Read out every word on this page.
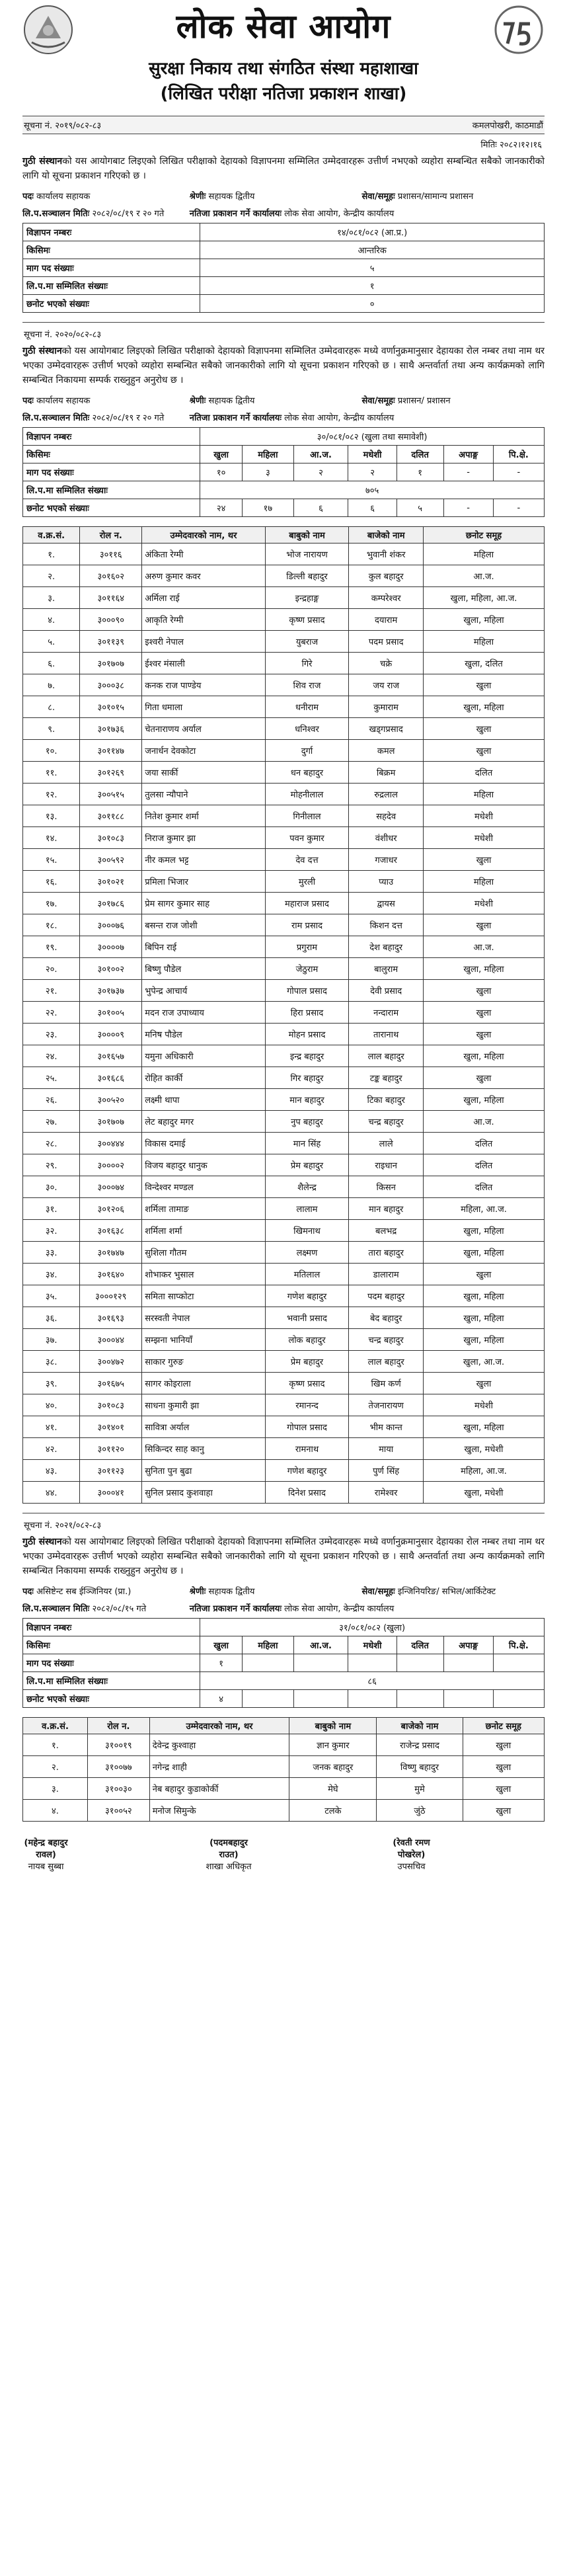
लोक सेवा आयोग
सुरक्षा निकाय तथा संगठित संस्था महाशाखा
(लिखित परीक्षा नतिजा प्रकाशन शाखा)
सूचना नं. २०१९/०८२-८३	कमलपोखरी, काठमाडौं
मितिः २०८२।१२।१६
गुठी संस्थानको यस आयोगबाट लिइएको लिखित परीक्षाको देहायको विज्ञापनमा सम्मिलित उम्मेदवारहरू उत्तीर्ण नभएको व्यहोरा सम्बन्धित सबैको जानकारीको लागि यो सूचना प्रकाशन गरिएको छ ।
पदः कार्यालय सहायक	श्रेणीः सहायक द्वितीय	सेवा/समूहः प्रशासन/सामान्य प्रशासन
लि.प.सञ्चालन मितिः २०८२/०८/१९ र २० गते	नतिजा प्रकाशन गर्ने कार्यालयः लोक सेवा आयोग, केन्द्रीय कार्यालय
विज्ञापन नम्बरः	१४/०८१/०८२ (आ.प्र.)
किसिमः	आन्तरिक
माग पद संख्याः	५
लि.प.मा सम्मिलित संख्याः	१
छनोट भएको संख्याः	०
सूचना नं. २०२०/०८२-८३
गुठी संस्थानको यस आयोगबाट लिइएको लिखित परीक्षाको देहायको विज्ञापनमा सम्मिलित उम्मेदवारहरू मध्ये वर्णानुक्रमानुसार देहायका रोल नम्बर तथा नाम थर भएका उम्मेदवारहरू उत्तीर्ण भएको व्यहोरा सम्बन्धित सबैको जानकारीको लागि यो सूचना प्रकाशन गरिएको छ । साथै अन्तर्वार्ता तथा अन्य कार्यक्रमको लागि सम्बन्धित निकायमा सम्पर्क राख्नुहुन अनुरोध छ ।
पदः कार्यालय सहायक	श्रेणीः सहायक द्वितीय	सेवा/समूहः प्रशासन/ प्रशासन
लि.प.सञ्चालन मितिः २०८२/०८/१९ र २० गते	नतिजा प्रकाशन गर्ने कार्यालयः लोक सेवा आयोग, केन्द्रीय कार्यालय
विज्ञापन नम्बरः	३०/०८१/०८२ (खुला तथा समावेशी)						
किसिमः	खुला	महिला	आ.ज.	मधेशी	दलित	अपाङ्ग	पि.क्षे.
माग पद संख्याः	१०	३	२	२	१	-	-
लि.प.मा सम्मिलित संख्याः	७०५						
छनोट भएको संख्याः	२४	१७	६	६	५	-	-
व.क्र.सं.	रोल न.	उम्मेदवारको नाम, थर	बाबुको नाम	बाजेको नाम	छनोट समूह
१.	३०११६	अंकिता रेग्मी	भोज नारायण	भुवानी शंकर	महिला
२.	३०१६०२	अरुण कुमार कवर	डिल्ली बहादुर	कुल बहादुर	आ.ज.
३.	३०११६४	अर्मिला राई	इन्द्रहाङ्ग	कम्परेश्वर	खुला, महिला, आ.ज.
४.	३०००९०	आकृति रेग्मी	कृष्ण प्रसाद	दयाराम	खुला, महिला
५.	३०११३९	इश्वरी नेपाल	युबराज	पदम प्रसाद	महिला
६.	३०१७०७	ईश्वर मंसाली	गिरे	चक्रे	खुला, दलित
७.	३०००३८	कनक राज पाण्डेय	शिव राज	जय राज	खुला
८.	३०१०१५	गिता धमाला	धनीराम	कुमाराम	खुला, महिला
९.	३०१७३६	चेतनाराणय अर्याल	धनिश्वर	खड्गप्रसाद	खुला
१०.	३०११४७	जनार्धन देवकोटा	दुर्गा	कमल	खुला
११.	३०१२६९	जया सार्की	धन बहादुर	बिक्रम	दलित
१२.	३००५१५	तुलसा न्यौपाने	मोहनीलाल	रुद्रलाल	महिला
१३.	३०११८८	नितेश कुमार शर्मा	गिनीलाल	सहदेव	मधेशी
१४.	३०१०८३	निराज कुमार झा	पवन कुमार	वंशीधर	मधेशी
१५.	३००५९२	नीर कमल भट्ट	देव दत्त	गजाधर	खुला
१६.	३०१०२१	प्रमिला भिजार	मुरली	प्याउ	महिला
१७.	३०१७८६	प्रेम सागर कुमार साह	महाराज प्रसाद	द्वायस	मधेशी
१८.	३०००७६	बसन्त राज जोशी	राम प्रसाद	किशन दत्त	खुला
१९.	३००००७	बिपिन राई	प्रगुराम	देश बहादुर	आ.ज.
२०.	३०१००२	बिष्णु पौडेल	जेठुराम	बालुराम	खुला, महिला
२१.	३०१७३७	भुपेन्द्र आचार्य	गोपाल प्रसाद	देवी प्रसाद	खुला
२२.	३०१००५	मदन राज उपाध्याय	हिरा प्रसाद	नन्दाराम	खुला
२३.	३००००९	मनिष पौडेल	मोहन प्रसाद	तारानाथ	खुला
२४.	३०१६५७	यमुना अधिकारी	इन्द्र बहादुर	लाल बहादुर	खुला, महिला
२५.	३०१६८६	रोहित कार्की	गिर बहादुर	टङ्क बहादुर	खुला
२६.	३००५२०	लक्ष्मी थापा	मान बहादुर	टिका बहादुर	खुला, महिला
२७.	३०१७०७	लेट बहादुर मगर	नुप बहादुर	चन्द्र बहादुर	आ.ज.
२८.	३००४४४	विकास दमाई	मान सिंह	लाले	दलित
२९.	३००००२	विजय बहादुर धानुक	प्रेम बहादुर	राइधान	दलित
३०.	३०००७४	विन्देश्वर मण्डल	शैलेन्द्र	किसन	दलित
३१.	३०१२०६	शर्मिला तामाङ	लालाम	मान बहादुर	महिला, आ.ज.
३२.	३०१६३८	शर्मिला शर्मा	खिमनाथ	बलभद्र	खुला, महिला
३३.	३०१७४७	सुशिला गौतम	लक्ष्मण	तारा बहादुर	खुला, महिला
३४.	३०१६४०	शोभाकर भुसाल	मतिलाल	डालाराम	खुला
३५.	३०००१२९	समिता साप्कोटा	गणेश बहादुर	पदम बहादुर	खुला, महिला
३६.	३०१६९३	सरस्वती नेपाल	भवानी प्रसाद	बेद बहादुर	खुला, महिला
३७.	३०००४४	सम्झना भानियाँ	लोक बहादुर	चन्द्र बहादुर	खुला, महिला
३८.	३००४७२	साकार गुरुङ	प्रेम बहादुर	लाल बहादुर	खुला, आ.ज.
३९.	३०१६७५	सागर कोइराला	कृष्ण प्रसाद	खिम कर्ण	खुला
४०.	३०१०८३	साधना कुमारी झा	रमानन्द	तेजनारायण	मधेशी
४१.	३०१४०१	सावित्रा अर्याल	गोपाल प्रसाद	भीम कान्त	खुला, महिला
४२.	३०११२०	सिकिन्दर साह कानु	रामनाथ	माया	खुला, मधेशी
४३.	३०११२३	सुनिता पुन बुढा	गणेश बहादुर	पुर्ण सिंह	महिला, आ.ज.
४४.	३०००४१	सुनिल प्रसाद कुशवाहा	दिनेश प्रसाद	रामेश्वर	खुला, मधेशी
सूचना नं. २०२१/०८२-८३
गुठी संस्थानको यस आयोगबाट लिइएको लिखित परीक्षाको देहायको विज्ञापनमा सम्मिलित उम्मेदवारहरू मध्ये वर्णानुक्रमानुसार देहायका रोल नम्बर तथा नाम थर भएका उम्मेदवारहरू उत्तीर्ण भएको व्यहोरा सम्बन्धित सबैको जानकारीको लागि यो सूचना प्रकाशन गरिएको छ । साथै अन्तर्वार्ता तथा अन्य कार्यक्रमको लागि सम्बन्धित निकायमा सम्पर्क राख्नुहुन अनुरोध छ ।
पदः असिष्टेन्ट सब ईञ्जिनियर (प्रा.)	श्रेणीः सहायक द्वितीय	सेवा/समूहः इन्जिनियरिङ/ सभिल/आर्किटेक्ट
लि.प.सञ्चालन मितिः २०८२/०८/१५ गते	नतिजा प्रकाशन गर्ने कार्यालयः लोक सेवा आयोग, केन्द्रीय कार्यालय
विज्ञापन नम्बरः	३१/०८१/०८२ (खुला)						
किसिमः	खुला	महिला	आ.ज.	मधेशी	दलित	अपाङ्ग	पि.क्षे.
माग पद संख्याः	१						
लि.प.मा सम्मिलित संख्याः	८६						
छनोट भएको संख्याः	४						
व.क्र.सं.	रोल न.	उम्मेदवारको नाम, थर	बाबुको नाम	बाजेको नाम	छनोट समूह
१.	३१००१९	देवेन्द्र कुश्वाहा	ज्ञान कुमार	राजेन्द्र प्रसाद	खुला
२.	३१००७७	नगेन्द्र शाही	जनक बहादुर	विष्णु बहादुर	खुला
३.	३१००३०	नेब बहादुर कुडाकोर्की	मेघे	मुमे	खुला
४.	३१००५२	मनोज सिमुन्के	टलके	जुंठे	खुला
(महेन्द्र बहादुर रावल)
नायब सुब्बा
(पदमबहादुर राउत)
शाखा अधिकृत
(रेवती रमण पोखरेल)
उपसचिव
